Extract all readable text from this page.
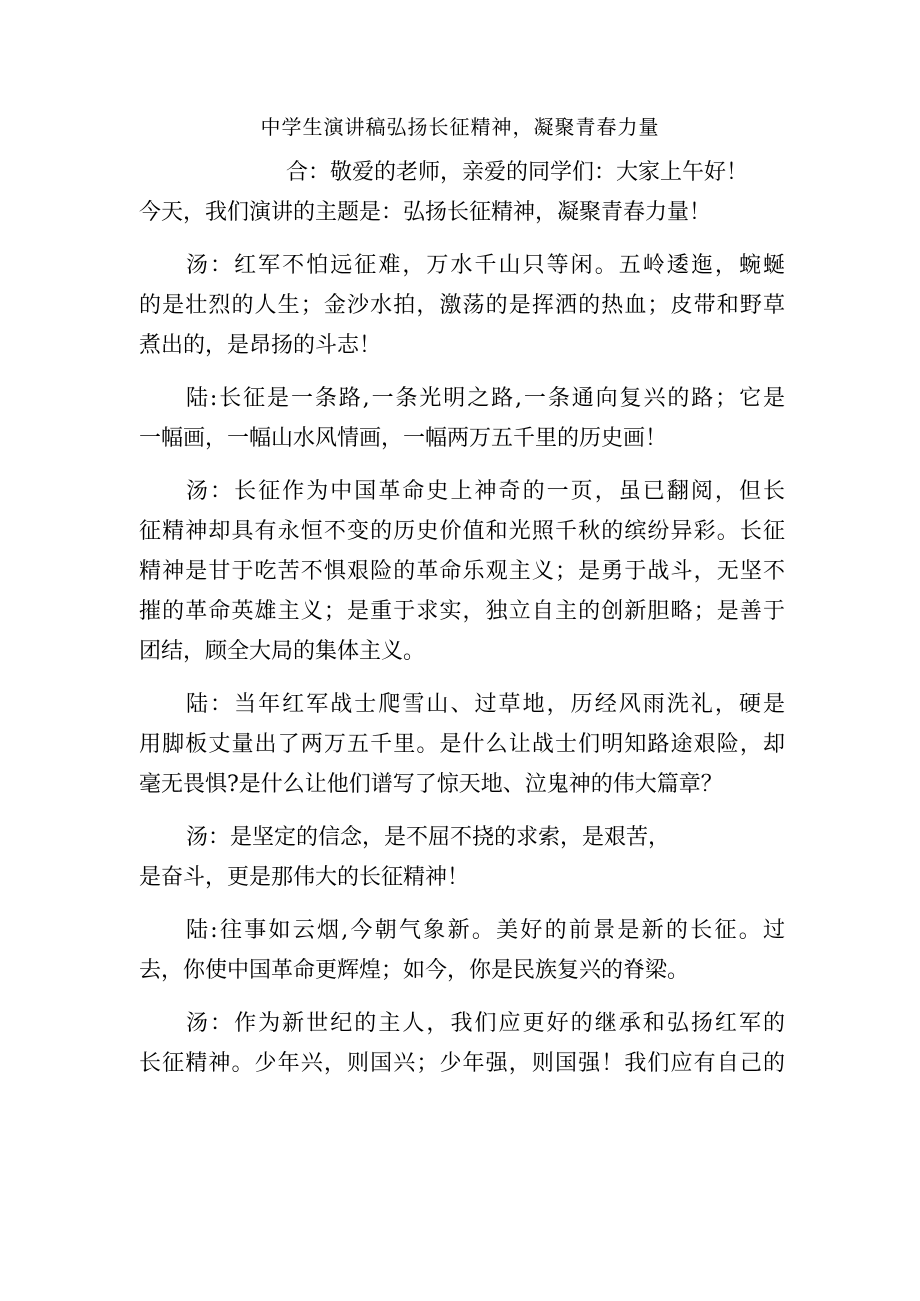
中学生演讲稿弘扬长征精神，凝聚青春力量
合：敬爱的老师，亲爱的同学们：大家上午好！
今天，我们演讲的主题是：弘扬长征精神，凝聚青春力量！
汤：红军不怕远征难，万水千山只等闲。五岭逶迤，蜿蜒
的是壮烈的人生；金沙水拍，激荡的是挥洒的热血；皮带和野草
煮出的，是昂扬的斗志！
陆:长征是一条路,一条光明之路,一条通向复兴的路；它是
一幅画，一幅山水风情画，一幅两万五千里的历史画！
汤：长征作为中国革命史上神奇的一页，虽已翻阅，但长
征精神却具有永恒不变的历史价值和光照千秋的缤纷异彩。长征
精神是甘于吃苦不惧艰险的革命乐观主义；是勇于战斗，无坚不
摧的革命英雄主义；是重于求实，独立自主的创新胆略；是善于
团结，顾全大局的集体主义。
陆：当年红军战士爬雪山、过草地，历经风雨洗礼，硬是
用脚板丈量出了两万五千里。是什么让战士们明知路途艰险，却
毫无畏惧?是什么让他们谱写了惊天地、泣鬼神的伟大篇章？
汤：是坚定的信念，是不屈不挠的求索，是艰苦，
是奋斗，更是那伟大的长征精神！
陆:往事如云烟,今朝气象新。美好的前景是新的长征。过
去，你使中国革命更辉煌；如今，你是民族复兴的脊梁。
汤：作为新世纪的主人，我们应更好的继承和弘扬红军的
长征精神。少年兴，则国兴；少年强，则国强！我们应有自己的
